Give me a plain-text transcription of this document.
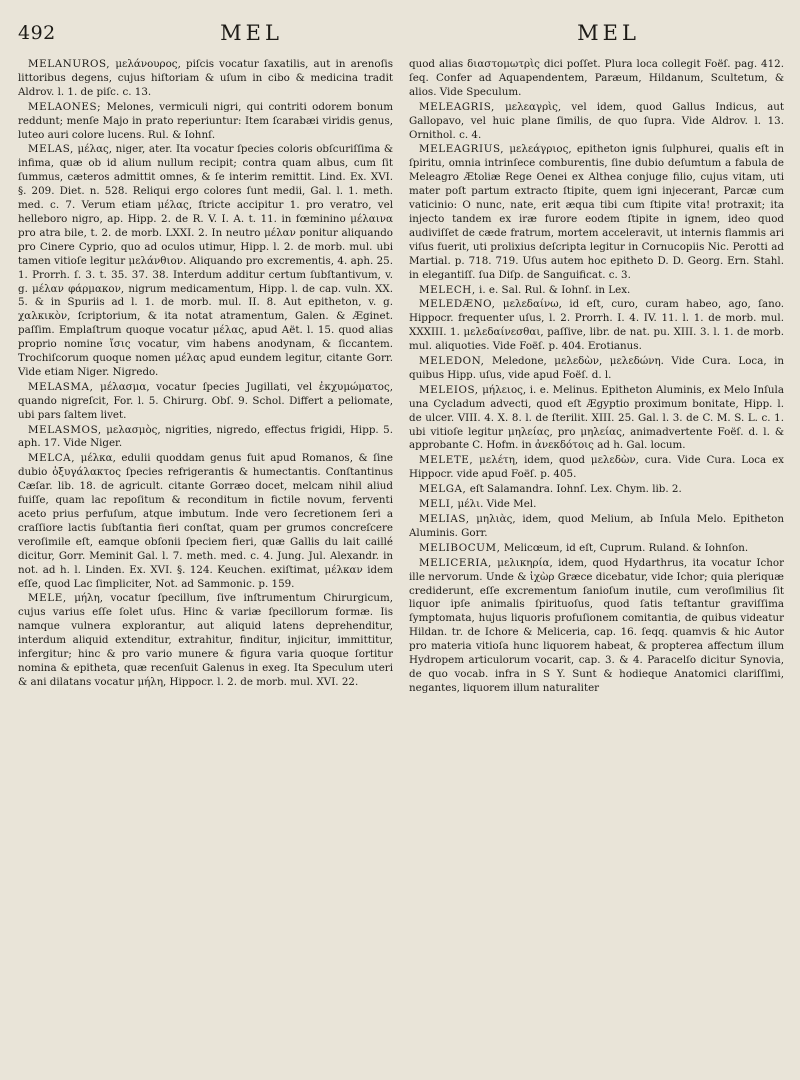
492	MEL	MEL

MELANUROS, μελάνουρος, piſcis vocatur ſaxatilis, aut in arenoſis littoribus degens, cujus hiſtoriam & uſum in cibo & medicina tradit Aldrov. l. 1. de piſc. c. 13.

MELAONES; Melones, vermiculi nigri, qui contriti odorem bonum reddunt; menſe Majo in prato reperiuntur: Item ſcarabæi viridis genus, luteo auri colore lucens. Rul. & Iohnſ.

MELAS, μέλας, niger, ater. Ita vocatur ſpecies coloris obſcuriſſima & infima, quæ ob id alium nullum recipit; contra quam albus, cum ſit ſummus, cæteros admittit omnes, & ſe interim remittit. Lind. Ex. XVI. §. 209. Diet. n. 528. Reliqui ergo colores ſunt medii, Gal. l. 1. meth. med. c. 7. Verum etiam μέλας, ſtricte accipitur 1. pro veratro, vel helleboro nigro, ap. Hipp. 2. de R. V. I. A. t. 11. in fœminino μέλαινα pro atra bile, t. 2. de morb. LXXI. 2. In neutro μέλαν ponitur aliquando pro Cinere Cyprio, quo ad oculos utimur, Hipp. l. 2. de morb. mul. ubi tamen vitioſe legitur μελάνθιον. Aliquando pro excrementis, 4. aph. 25. 1. Prorrh. ſ. 3. t. 35. 37. 38. Interdum additur certum ſubſtantivum, v. g. μέλαν φάρμακον, nigrum medicamentum, Hipp. l. de cap. vuln. XX. 5. & in Spuriis ad l. 1. de morb. mul. II. 8. Aut epitheton, v. g. χαλκικὸν, ſcriptorium, & ita notat atramentum, Galen. & Æginet. paſſim. Emplaſtrum quoque vocatur μέλας, apud Aët. l. 15. quod alias proprio nomine ἴσις vocatur, vim habens anodynam, & ſiccantem. Trochiſcorum quoque nomen μέλας apud eundem legitur, citante Gorr. Vide etiam Niger. Nigredo.

MELASMA, μέλασμα, vocatur ſpecies Jugillati, vel ἐκχυμώματος, quando nigreſcit, For. l. 5. Chirurg. Obſ. 9. Schol. Differt a peliomate, ubi pars ſaltem livet.

MELASMOS, μελασμὸς, nigrities, nigredo, effectus frigidi, Hipp. 5. aph. 17. Vide Niger.

MELCA, μέλκα, edulii quoddam genus fuit apud Romanos, & ſine dubio ὀξυγάλακτος ſpecies refrigerantis & humectantis. Conſtantinus Cæſar. lib. 18. de agricult. citante Gorræo docet, melcam nihil aliud fuiſſe, quam lac repoſitum & reconditum in fictile novum, ferventi aceto prius perfuſum, atque imbutum. Inde vero ſecretionem ſeri a craſſiore lactis ſubſtantia fieri conſtat, quam per grumos concreſcere veroſimile eſt, eamque obſonii ſpeciem fieri, quæ Gallis du lait caillé dicitur, Gorr. Meminit Gal. l. 7. meth. med. c. 4. Jung. Jul. Alexandr. in not. ad h. l. Linden. Ex. XVI. §. 124. Keuchen. exiſtimat, μέλκαν idem eſſe, quod Lac ſimpliciter, Not. ad Sammonic. p. 159.

MELE, μήλη, vocatur ſpecillum, ſive inſtrumentum Chirurgicum, cujus varius eſſe ſolet uſus. Hinc & variæ ſpecillorum formæ. Iis namque vulnera explorantur, aut aliquid latens deprehenditur, interdum aliquid extenditur, extrahitur, finditur, injicitur, immittitur, infergitur; hinc & pro vario munere & figura varia quoque ſortitur nomina & epitheta, quæ recenſuit Galenus in exeg. Ita Speculum uteri & ani dilatans vocatur μήλη, Hippocr. l. 2. de morb. mul. XVI. 22.

quod alias διαστομωτρὶς dici poſſet. Plura loca collegit Foëſ. pag. 412. ſeq. Confer ad Aquapendentem, Paræum, Hildanum, Scultetum, & alios. Vide Speculum.

MELEAGRIS, μελεαγρὶς, vel idem, quod Gallus Indicus, aut Gallopavo, vel huic plane ſimilis, de quo ſupra. Vide Aldrov. l. 13. Ornithol. c. 4.

MELEAGRIUS, μελεάγριος, epitheton ignis ſulphurei, qualis eſt in ſpiritu, omnia intrinſece comburentis, ſine dubio deſumtum a fabula de Meleagro Ætoliæ Rege Oenei ex Althea conjuge filio, cujus vitam, uti mater poſt partum extracto ſtipite, quem igni injecerant, Parcæ cum vaticinio: O nunc, nate, erit æqua tibi cum ſtipite vita! protraxit; ita injecto tandem ex iræ furore eodem ſtipite in ignem, ideo quod audiviſſet de cæde fratrum, mortem acceleravit, ut internis flammis ari viſus fuerit, uti prolixius deſcripta legitur in Cornucopiis Nic. Perotti ad Martial. p. 718. 719. Uſus autem hoc epitheto D. D. Georg. Ern. Stahl. in elegantiſſ. ſua Diſp. de Sanguificat. c. 3.

MELECH, i. e. Sal. Rul. & Iohnſ. in Lex.

MELEDÆNO, μελεδαίνω, id eſt, curo, curam habeo, ago, ſano. Hippocr. frequenter uſus, l. 2. Prorrh. I. 4. IV. 11. l. 1. de morb. mul. XXXIII. 1. μελεδαίνεσθαι, paſſive, libr. de nat. pu. XIII. 3. l. 1. de morb. mul. aliquoties. Vide Foëſ. p. 404. Erotianus.

MELEDON, Meledone, μελεδὼν, μελεδώνη. Vide Cura. Loca, in quibus Hipp. uſus, vide apud Foëſ. d. l.

MELEIOS, μήλειος, i. e. Melinus. Epitheton Aluminis, ex Melo Inſula una Cycladum advecti, quod eſt Ægyptio proximum bonitate, Hipp. l. de ulcer. VIII. 4. X. 8. l. de ſterilit. XIII. 25. Gal. l. 3. de C. M. S. L. c. 1. ubi vitioſe legitur μηλείας, pro μηλείας, animadvertente Foëſ. d. l. & approbante C. Hofm. in ἀνεκδότοις ad h. Gal. locum.

MELETE, μελέτη, idem, quod μελεδὼν, cura. Vide Cura. Loca ex Hippocr. vide apud Foëſ. p. 405.

MELGA, eſt Salamandra. Iohnſ. Lex. Chym. lib. 2.

MELI, μέλι. Vide Mel.

MELIAS, μηλιὰς, idem, quod Melium, ab Inſula Melo. Epitheton Aluminis. Gorr.

MELIBOCUM, Melicœum, id eſt, Cuprum. Ruland. & Iohnſon.

MELICERIA, μελικηρία, idem, quod Hydarthrus, ita vocatur Ichor ille nervorum. Unde & ἰχὼρ Græce dicebatur, vide Ichor; quia pleriquæ crediderunt, eſſe excrementum ſanioſum inutile, cum veroſimilius ſit liquor ipſe animalis ſpirituoſus, quod ſatis teſtantur graviſſima ſymptomata, hujus liquoris profuſionem comitantia, de quibus videatur Hildan. tr. de Ichore & Meliceria, cap. 16. ſeqq. quamvis & hic Autor pro materia vitioſa hunc liquorem habeat, & propterea affectum illum Hydropem articulorum vocarit, cap. 3. & 4. Paracelſo dicitur Synovia, de quo vocab. infra in S Y. Sunt & hodieque Anatomici clariſſimi, negantes, liquorem illum naturaliter
